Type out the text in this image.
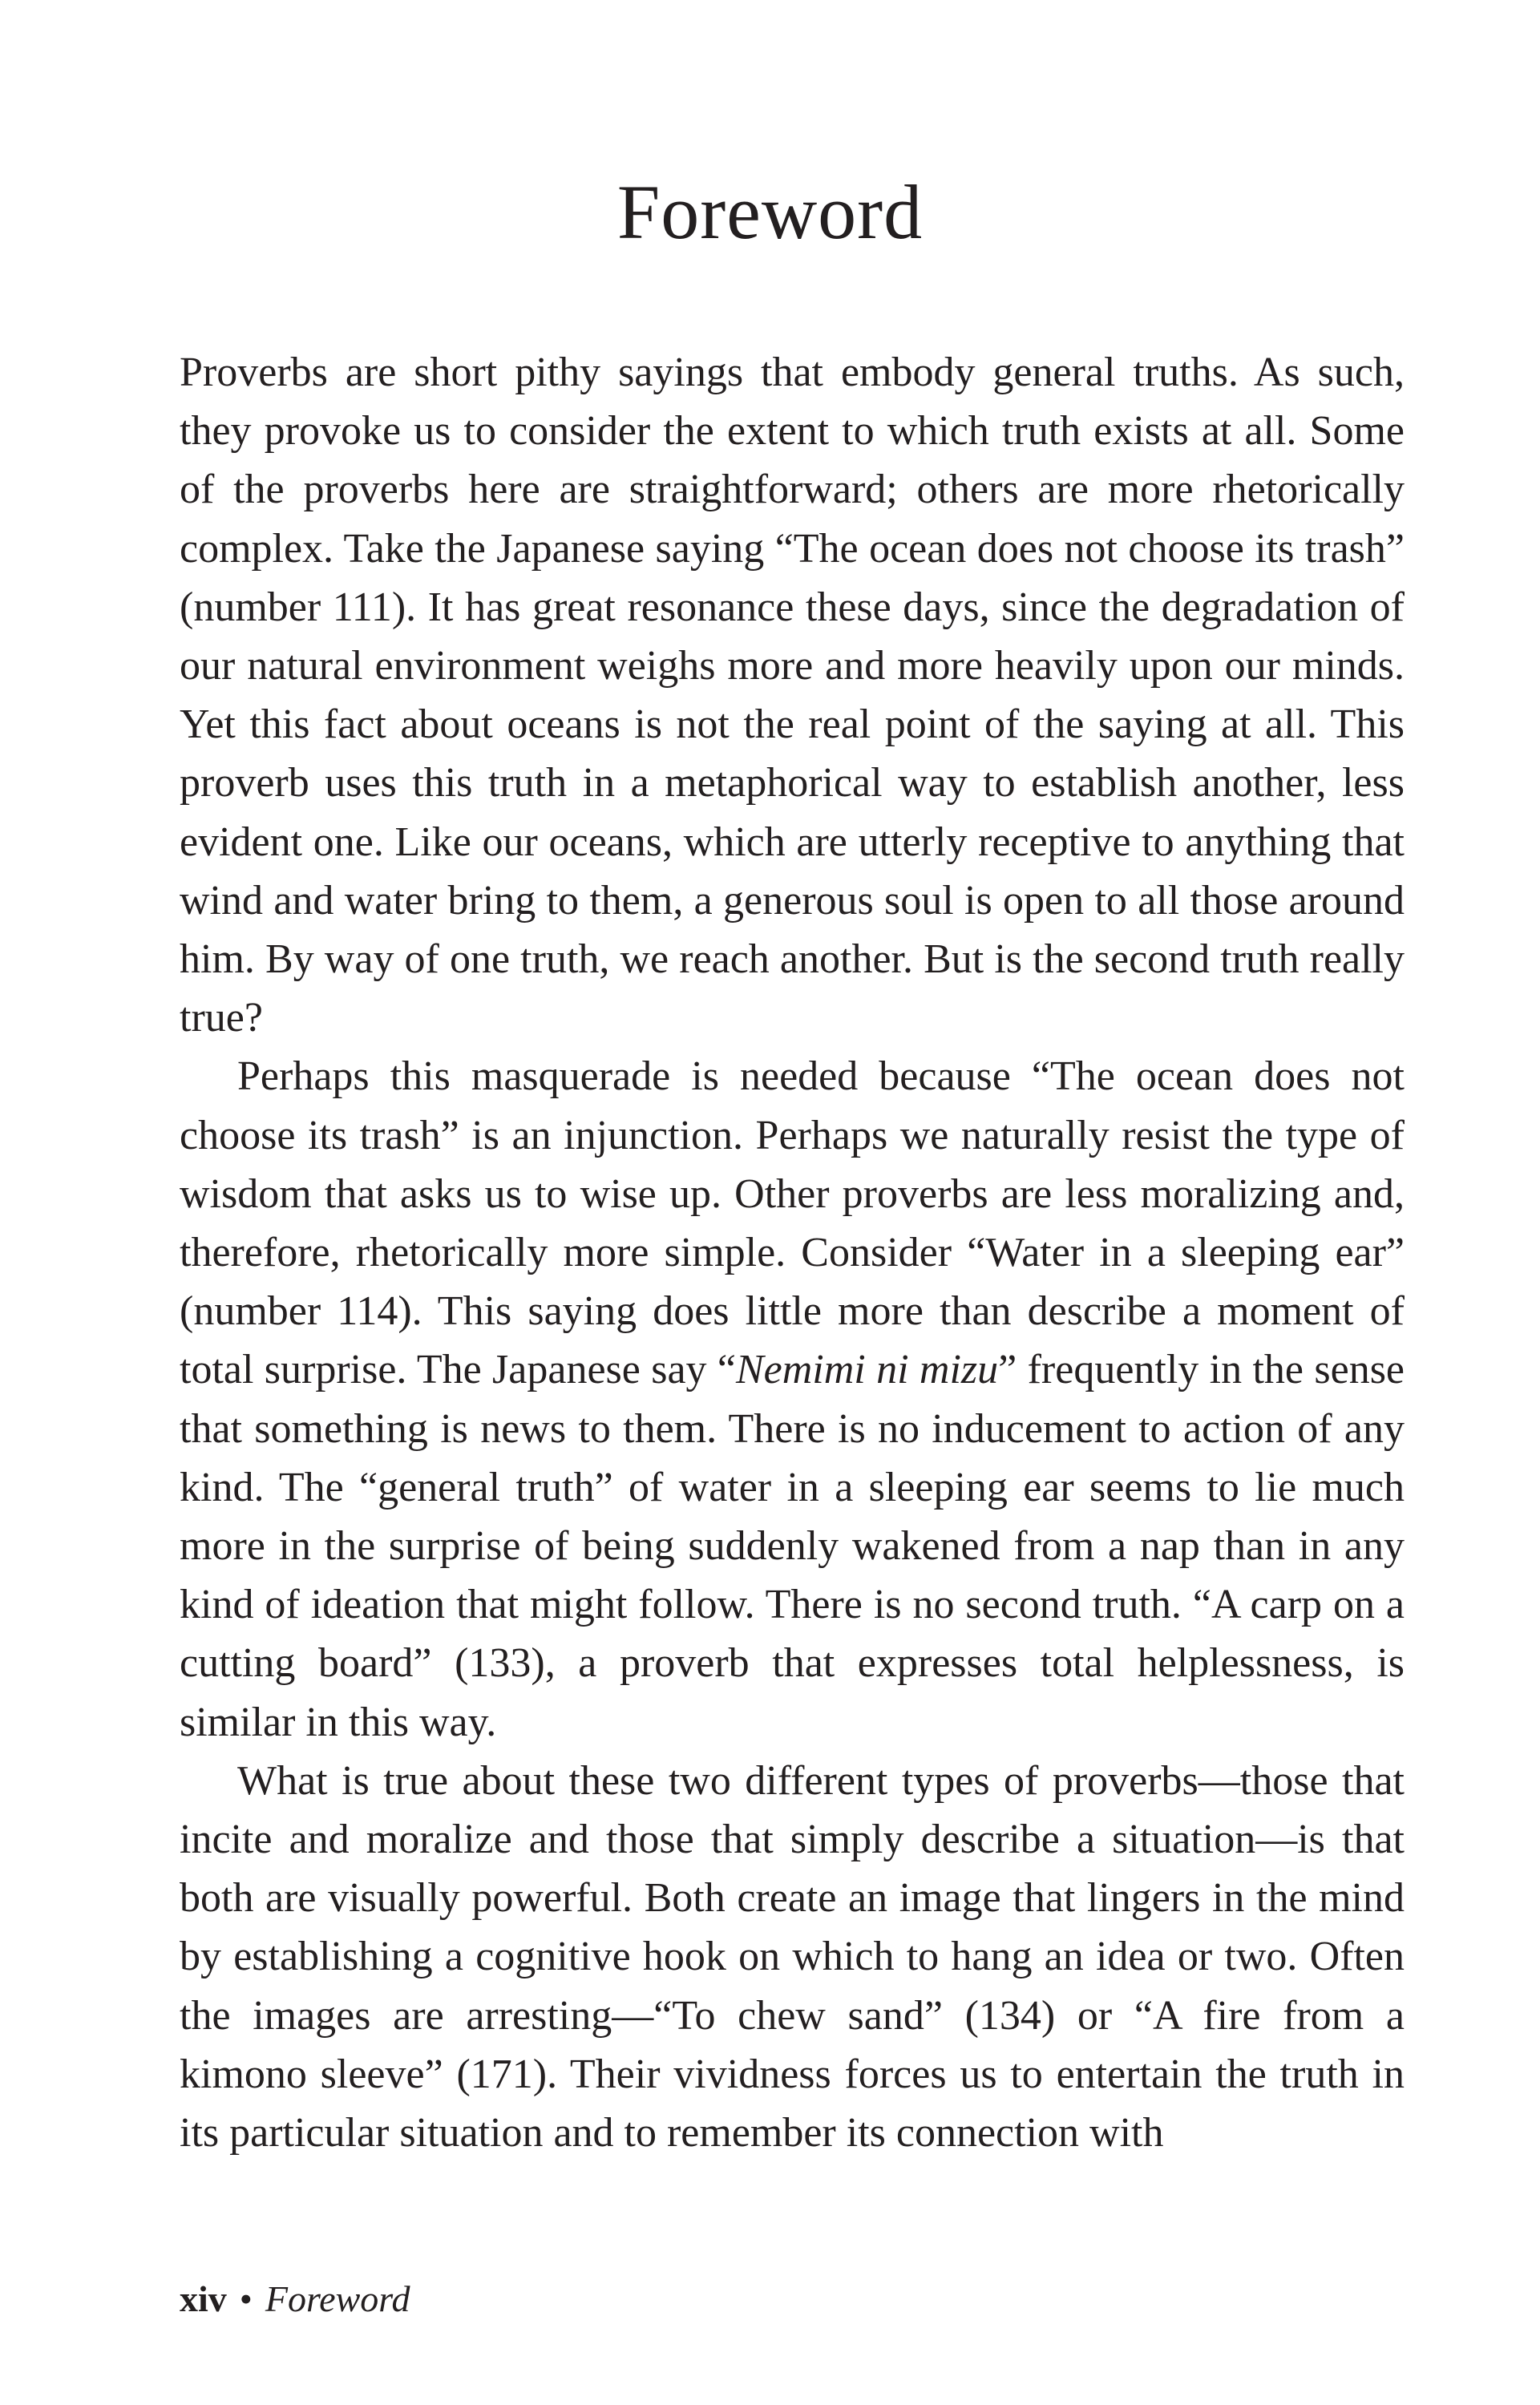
Foreword

Proverbs are short pithy sayings that embody general truths. As such, they provoke us to consider the extent to which truth exists at all. Some of the proverbs here are straightforward; others are more rhetorically complex. Take the Japanese saying “The ocean does not choose its trash” (number 111). It has great resonance these days, since the degradation of our natural environment weighs more and more heavily upon our minds. Yet this fact about oceans is not the real point of the saying at all. This proverb uses this truth in a metaphorical way to establish another, less evident one. Like our oceans, which are utterly receptive to anything that wind and water bring to them, a generous soul is open to all those around him. By way of one truth, we reach another. But is the second truth really true?

Perhaps this masquerade is needed because “The ocean does not choose its trash” is an injunction. Perhaps we naturally resist the type of wisdom that asks us to wise up. Other proverbs are less moralizing and, therefore, rhetorically more simple. Consider “Water in a sleeping ear” (number 114). This saying does little more than describe a moment of total surprise. The Japanese say “Nemimi ni mizu” frequently in the sense that something is news to them. There is no inducement to action of any kind. The “general truth” of water in a sleeping ear seems to lie much more in the surprise of being suddenly wakened from a nap than in any kind of ideation that might follow. There is no second truth. “A carp on a cutting board” (133), a proverb that expresses total helplessness, is similar in this way.

What is true about these two different types of proverbs—those that incite and moralize and those that simply describe a situation—is that both are visually powerful. Both create an image that lingers in the mind by establishing a cognitive hook on which to hang an idea or two. Often the images are arresting—“To chew sand” (134) or “A fire from a kimono sleeve” (171). Their vividness forces us to entertain the truth in its particular situation and to remember its connection with

xiv • Foreword
